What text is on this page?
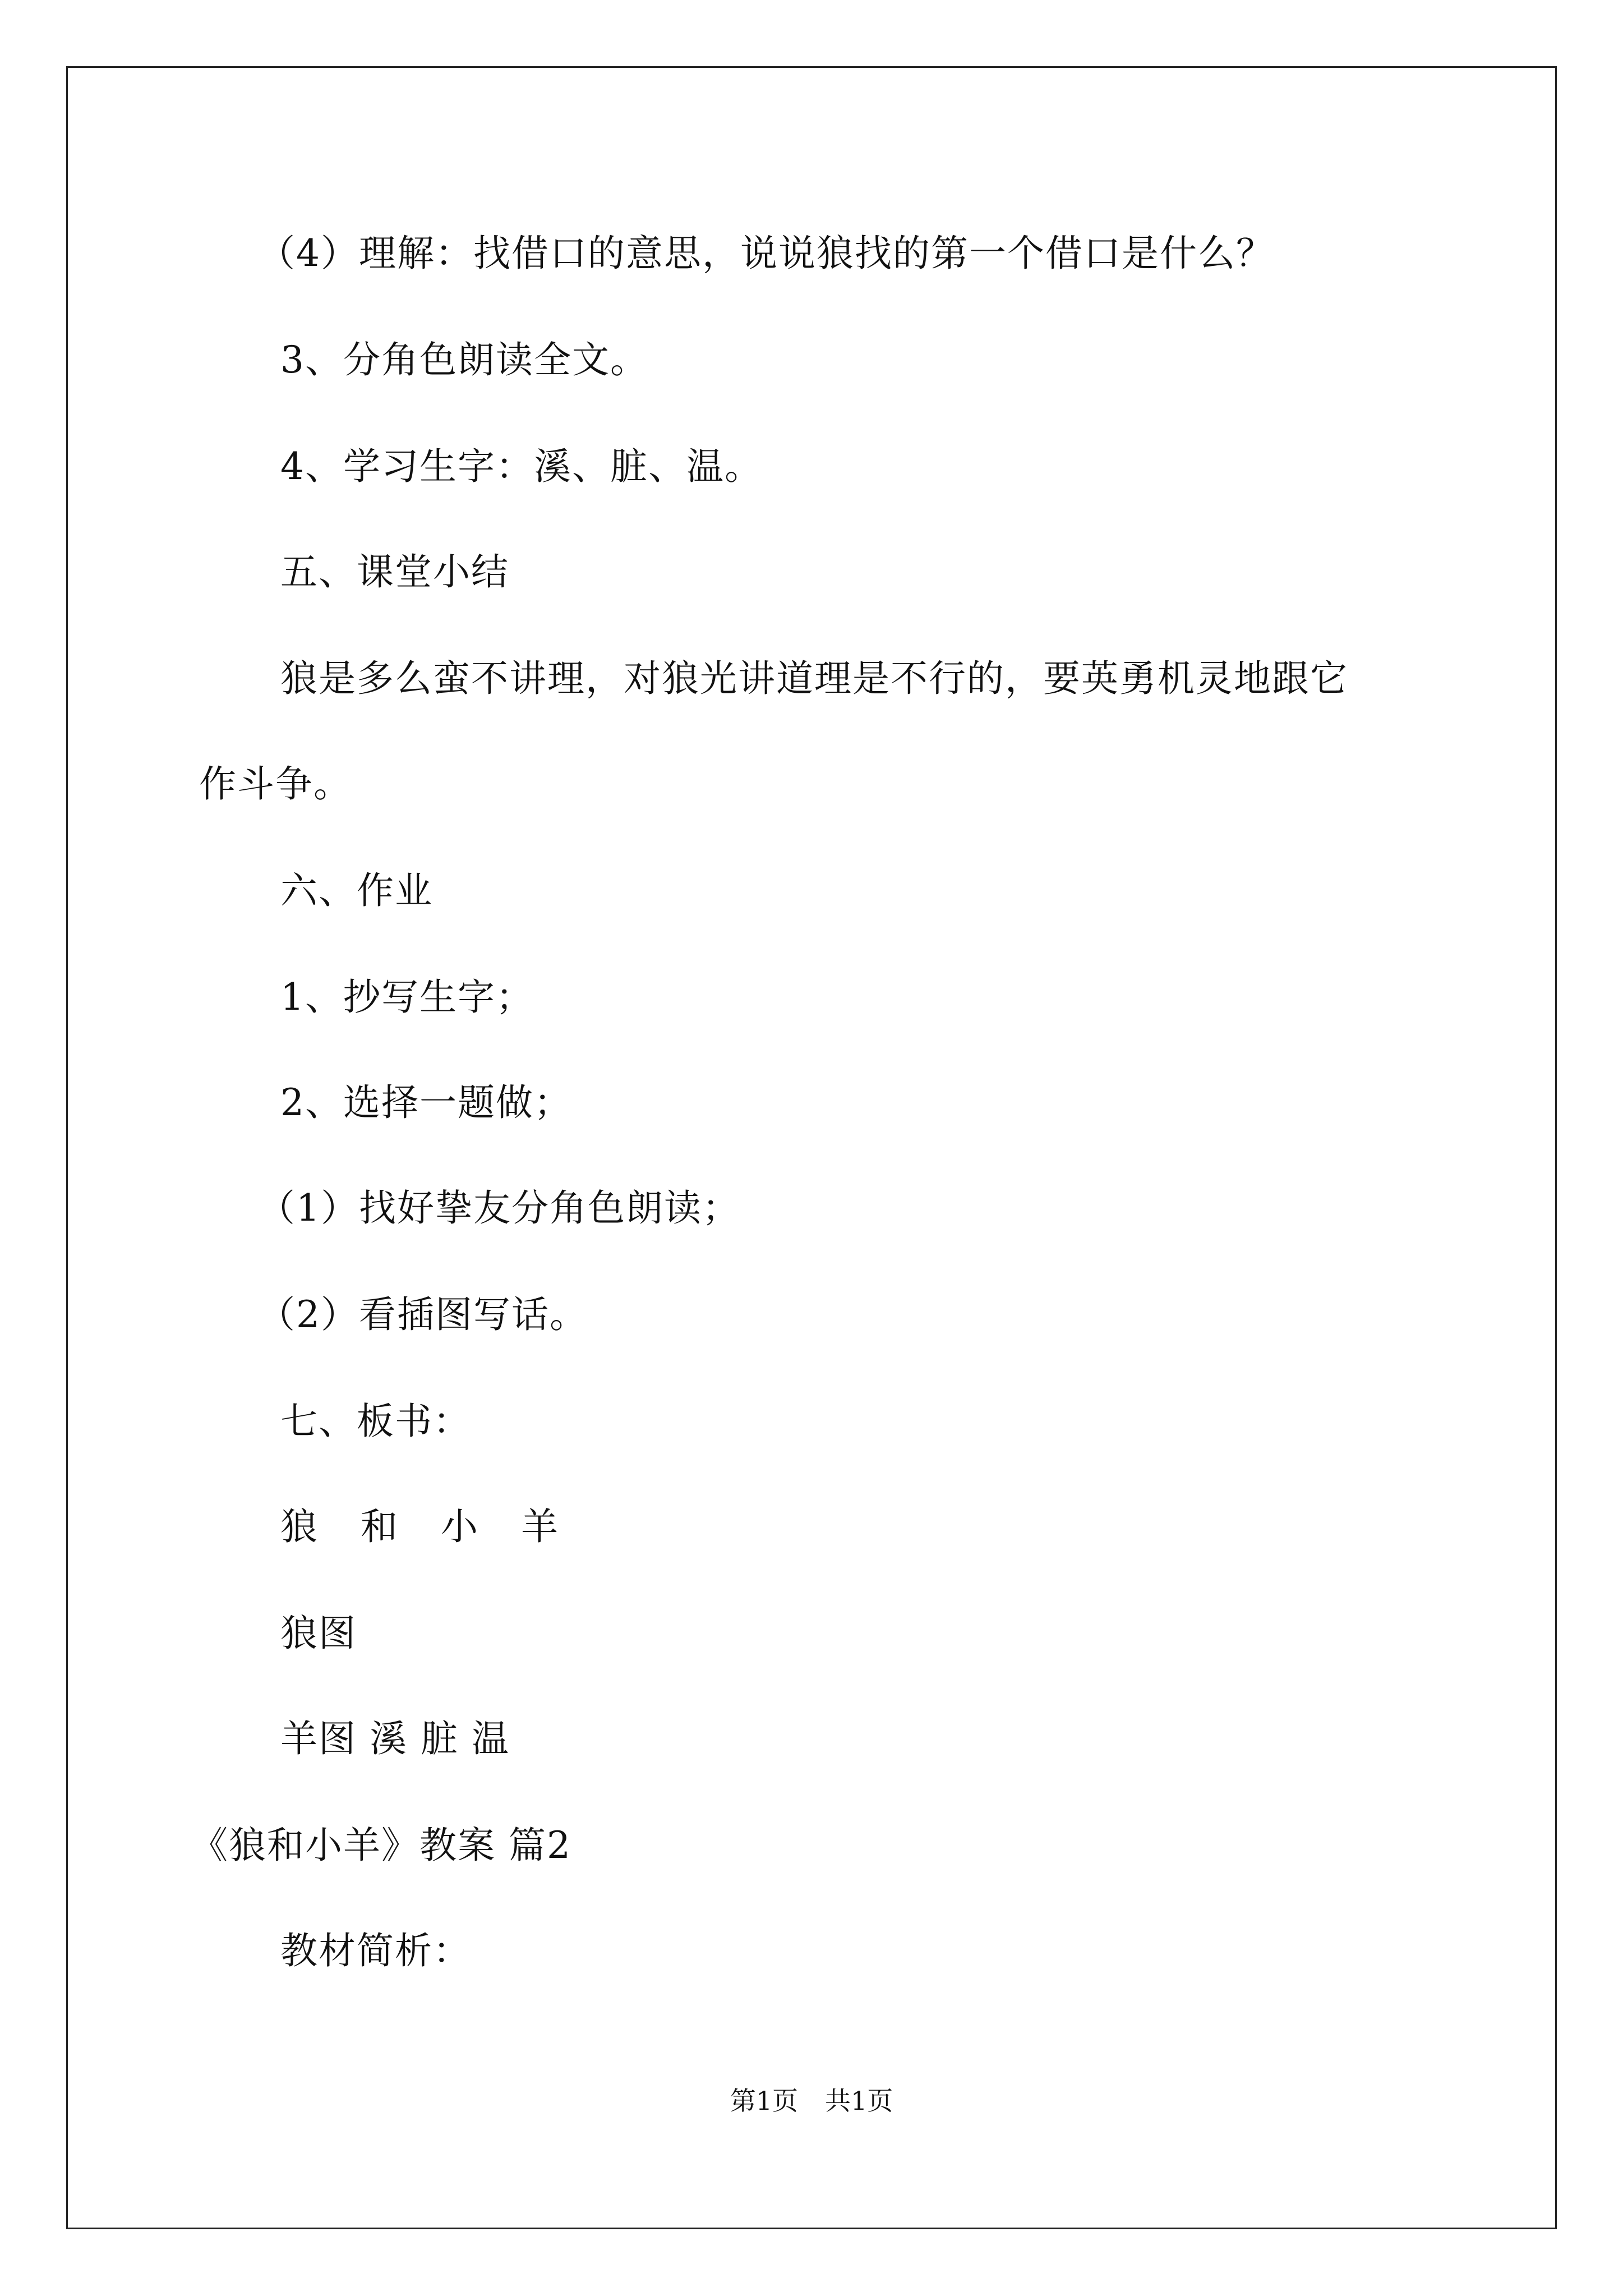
（4）理解：找借口的意思，说说狼找的第一个借口是什么？
3、分角色朗读全文。
4、学习生字：溪、脏、温。
五、课堂小结
狼是多么蛮不讲理，对狼光讲道理是不行的，要英勇机灵地跟它
作斗争。
六、作业
1、抄写生字；
2、选择一题做；
（1）找好挚友分角色朗读；
（2）看插图写话。
七、板书：
狼 和 小 羊
狼图
羊图 溪 脏 温
《狼和小羊》教案 篇2
教材简析：
第1页 共1页
